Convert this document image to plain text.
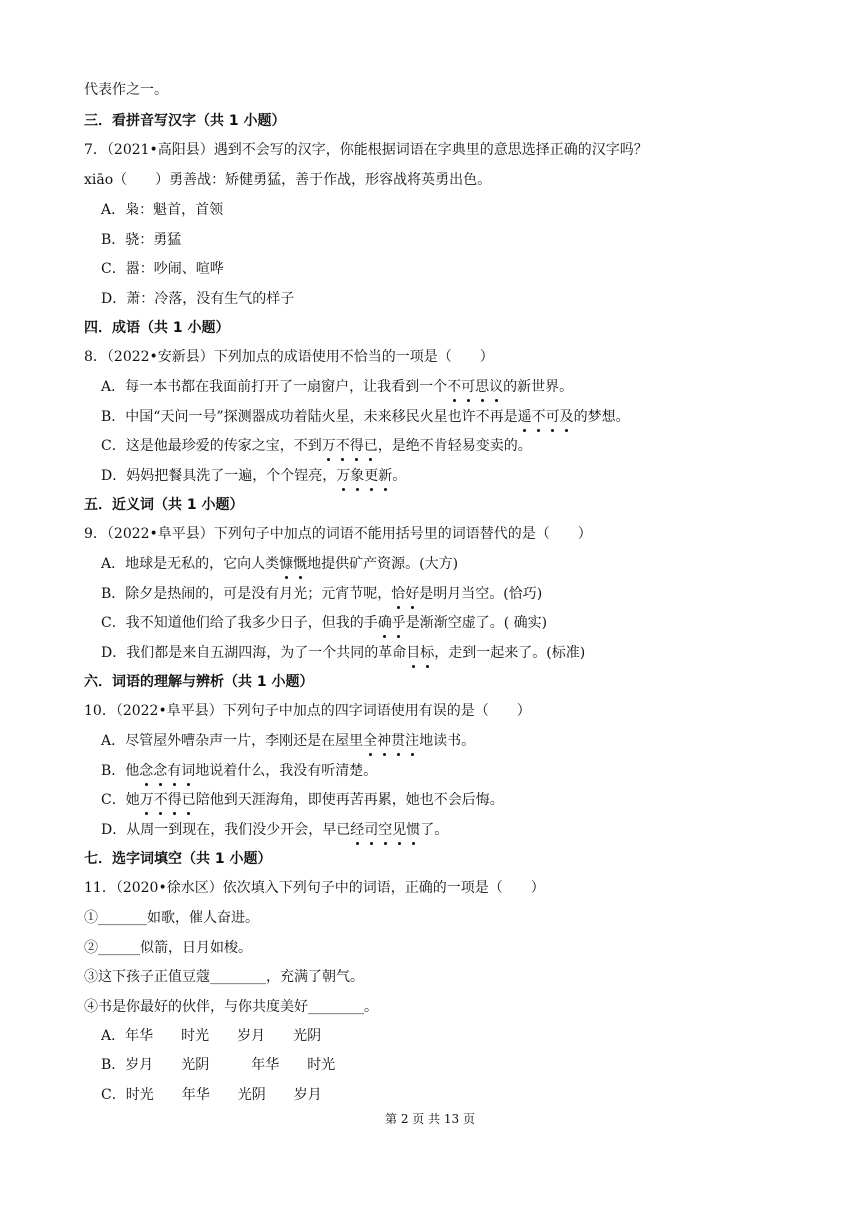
代表作之一。
三．看拼音写汉字（共 1 小题）
7．（2021•高阳县）遇到不会写的汉字，你能根据词语在字典里的意思选择正确的汉字吗？
xiāo（　　）勇善战：矫健勇猛，善于作战，形容战将英勇出色。
A．枭：魁首，首领
B．骁：勇猛
C．嚣：吵闹、喧哗
D．萧：冷落，没有生气的样子
四．成语（共 1 小题）
8．（2022•安新县）下列加点的成语使用不恰当的一项是（　　）
A．每一本书都在我面前打开了一扇窗户，让我看到一个不可思议的新世界。
B．中国“天问一号”探测器成功着陆火星，未来移民火星也许不再是遥不可及的梦想。
C．这是他最珍爱的传家之宝，不到万不得已，是绝不肯轻易变卖的。
D．妈妈把餐具洗了一遍，个个锃亮，万象更新。
五．近义词（共 1 小题）
9．（2022•阜平县）下列句子中加点的词语不能用括号里的词语替代的是（　　）
A．地球是无私的，它向人类慷慨地提供矿产资源。(大方)
B．除夕是热闹的，可是没有月光；元宵节呢，恰好是明月当空。(恰巧)
C．我不知道他们给了我多少日子，但我的手确乎是渐渐空虚了。( 确实)
D．我们都是来自五湖四海，为了一个共同的革命目标，走到一起来了。(标准)
六．词语的理解与辨析（共 1 小题）
10．（2022•阜平县）下列句子中加点的四字词语使用有误的是（　　）
A．尽管屋外嘈杂声一片，李刚还是在屋里全神贯注地读书。
B．他念念有词地说着什么，我没有听清楚。
C．她万不得已陪他到天涯海角，即使再苦再累，她也不会后悔。
D．从周一到现在，我们没少开会，早已经司空见惯了。
七．选字词填空（共 1 小题）
11．（2020•徐水区）依次填入下列句子中的词语，正确的一项是（　　）
①_______如歌，催人奋进。
②______似箭，日月如梭。
③这下孩子正值豆蔻________，充满了朝气。
④书是你最好的伙伴，与你共度美好________。
A．年华　　时光　　岁月　　光阴
B．岁月　　光阴　　　年华　　时光
C．时光　　年华　　光阴　　岁月
第 2 页 共 13 页
